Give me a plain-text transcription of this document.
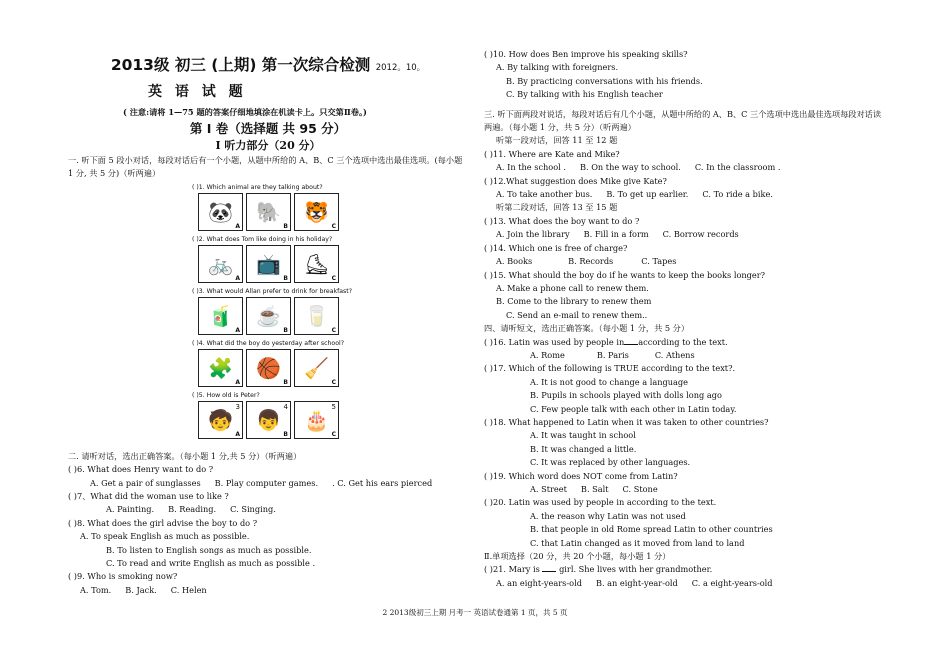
2013级 初三 (上期) 第一次综合检测 2012。10。
英 语 试 题
( 注意:请将 1—75 题的答案仔细地填涂在机读卡上。只交第Ⅱ卷。)
第 I 卷（选择题 共 95 分）
I 听力部分（20 分）

一. 听下面 5 段小对话，每段对话后有一个小题，从题中所给的 A、B、C 三个选项中选出最佳选项。(每小题 1 分, 共 5 分)（听两遍）

( )1. Which animal are they talking about?
🐼
A
🐘
B
🐯
C
( )2. What does Tom like doing in his holiday?
🚲
A
📺
B
⛸
C
( )3. What would Allan prefer to drink for breakfast?
🧃
A
☕
B
🥛
C
( )4. What did the boy do yesterday after school?
🧩
A
🏀
B
🧹
C
( )5. How old is Peter?
🧒
A
3
👦
B
4
🎂
C
5

二. 请听对话，选出正确答案。（每小题 1 分,共 5 分）（听两遍）

( )6. What does Henry want to do ?

A. Get a pair of sunglasses B. Play computer games. . C. Get his ears pierced

( )7、What did the woman use to like ?

A. Painting. B. Reading. C. Singing.

( )8. What does the girl advise the boy to do ?

A. To speak English as much as possible.

B. To listen to English songs as much as possible.

C. To read and write English as much as possible .

( )9. Who is smoking now?

A. Tom. B. Jack. C. Helen

( )10. How does Ben improve his speaking skills?

A. By talking with foreigners.

B. By practicing conversations with his friends.

C. By talking with his English teacher

三. 听下面两段对说话，每段对话后有几个小题，从题中所给的 A、B、C 三个选项中选出最佳选项每段对话读两遍。（每小题 1 分，共 5 分）（听两遍）

听第一段对话，回答 11 至 12 题

( )11. Where are Kate and Mike?

A. In the school . B. On the way to school. C. In the classroom .

( )12.What suggestion does Mike give Kate?

A. To take another bus. B. To get up earlier. C. To ride a bike.

听第二段对话，回答 13 至 15 题

( )13. What does the boy want to do ?

A. Join the library B. Fill in a form C. Borrow records

( )14. Which one is free of charge?

A. Books	B. Records	C. Tapes

( )15. What should the boy do if he wants to keep the books longer?

A. Make a phone call to renew them.

B. Come to the library to renew them

C. Send an e-mail to renew them..

四、请听短文，选出正确答案。（每小题 1 分，共 5 分）

( )16. Latin was used by people in according to the text.

A. Rome	B. Paris	C. Athens

( )17. Which of the following is TRUE according to the text?.

A. It is not good to change a language

B. Pupils in schools played with dolls long ago

C. Few people talk with each other in Latin today.

( )18. What happened to Latin when it was taken to other countries?

A. It was taught in school

B. It was changed a little.

C. It was replaced by other languages.

( )19. Which word does NOT come from Latin?

A. Street B. Salt C. Stone

( )20. Latin was used by people in according to the text.

A. the reason why Latin was not used

B. that people in old Rome spread Latin to other countries

C. that Latin changed as it moved from land to land

Ⅱ.单项选择（20 分，共 20 个小题，每小题 1 分）

( )21. Mary is girl. She lives with her grandmother.

A. an eight-years-old B. an eight-year-old C. a eight-years-old

2 2013级初三上期 月考一 英语试卷通第 1 页，共 5 页
